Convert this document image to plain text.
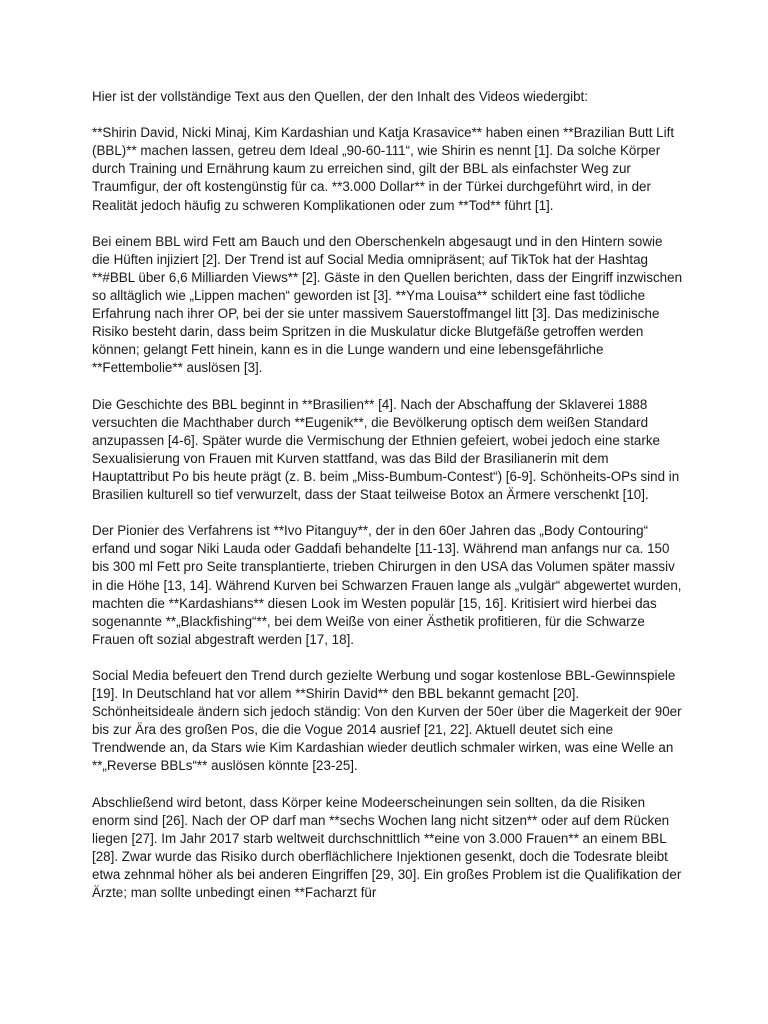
Hier ist der vollständige Text aus den Quellen, der den Inhalt des Videos wiedergibt:

**Shirin David, Nicki Minaj, Kim Kardashian und Katja Krasavice** haben einen **Brazilian Butt Lift (BBL)** machen lassen, getreu dem Ideal „90-60-111“, wie Shirin es nennt [1]. Da solche Körper durch Training und Ernährung kaum zu erreichen sind, gilt der BBL als einfachster Weg zur Traumfigur, der oft kostengünstig für ca. **3.000 Dollar** in der Türkei durchgeführt wird, in der Realität jedoch häufig zu schweren Komplikationen oder zum **Tod** führt [1].

Bei einem BBL wird Fett am Bauch und den Oberschenkeln abgesaugt und in den Hintern sowie die Hüften injiziert [2]. Der Trend ist auf Social Media omnipräsent; auf TikTok hat der Hashtag **#BBL über 6,6 Milliarden Views** [2]. Gäste in den Quellen berichten, dass der Eingriff inzwischen so alltäglich wie „Lippen machen“ geworden ist [3]. **Yma Louisa** schildert eine fast tödliche Erfahrung nach ihrer OP, bei der sie unter massivem Sauerstoffmangel litt [3]. Das medizinische Risiko besteht darin, dass beim Spritzen in die Muskulatur dicke Blutgefäße getroffen werden können; gelangt Fett hinein, kann es in die Lunge wandern und eine lebensgefährliche **Fettembolie** auslösen [3].

Die Geschichte des BBL beginnt in **Brasilien** [4]. Nach der Abschaffung der Sklaverei 1888 versuchten die Machthaber durch **Eugenik**, die Bevölkerung optisch dem weißen Standard anzupassen [4-6]. Später wurde die Vermischung der Ethnien gefeiert, wobei jedoch eine starke Sexualisierung von Frauen mit Kurven stattfand, was das Bild der Brasilianerin mit dem Hauptattribut Po bis heute prägt (z. B. beim „Miss-Bumbum-Contest“) [6-9]. Schönheits-OPs sind in Brasilien kulturell so tief verwurzelt, dass der Staat teilweise Botox an Ärmere verschenkt [10].

Der Pionier des Verfahrens ist **Ivo Pitanguy**, der in den 60er Jahren das „Body Contouring“ erfand und sogar Niki Lauda oder Gaddafi behandelte [11-13]. Während man anfangs nur ca. 150 bis 300 ml Fett pro Seite transplantierte, trieben Chirurgen in den USA das Volumen später massiv in die Höhe [13, 14]. Während Kurven bei Schwarzen Frauen lange als „vulgär“ abgewertet wurden, machten die **Kardashians** diesen Look im Westen populär [15, 16]. Kritisiert wird hierbei das sogenannte **„Blackfishing“**, bei dem Weiße von einer Ästhetik profitieren, für die Schwarze Frauen oft sozial abgestraft werden [17, 18].

Social Media befeuert den Trend durch gezielte Werbung und sogar kostenlose BBL-Gewinnspiele [19]. In Deutschland hat vor allem **Shirin David** den BBL bekannt gemacht [20]. Schönheitsideale ändern sich jedoch ständig: Von den Kurven der 50er über die Magerkeit der 90er bis zur Ära des großen Pos, die die Vogue 2014 ausrief [21, 22]. Aktuell deutet sich eine Trendwende an, da Stars wie Kim Kardashian wieder deutlich schmaler wirken, was eine Welle an **„Reverse BBLs“** auslösen könnte [23-25].

Abschließend wird betont, dass Körper keine Modeerscheinungen sein sollten, da die Risiken enorm sind [26]. Nach der OP darf man **sechs Wochen lang nicht sitzen** oder auf dem Rücken liegen [27]. Im Jahr 2017 starb weltweit durchschnittlich **eine von 3.000 Frauen** an einem BBL [28]. Zwar wurde das Risiko durch oberflächlichere Injektionen gesenkt, doch die Todesrate bleibt etwa zehnmal höher als bei anderen Eingriffen [29, 30]. Ein großes Problem ist die Qualifikation der Ärzte; man sollte unbedingt einen **Facharzt für
